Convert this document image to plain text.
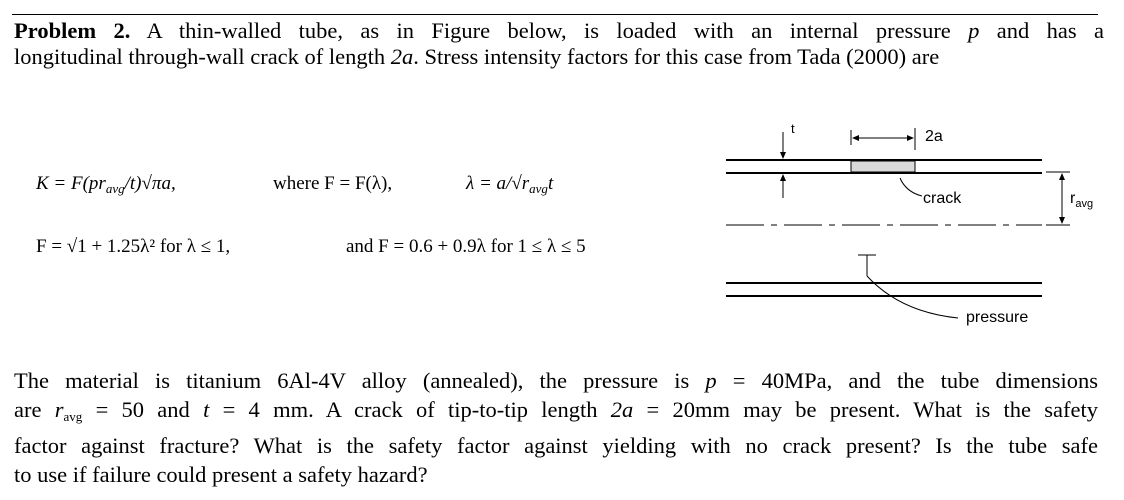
Problem 2. A thin-walled tube, as in Figure below, is loaded with an internal pressure p and has a
longitudinal through-wall crack of length 2a. Stress intensity factors for this case from Tada (2000) are
$K = F(pr_{avg}/t)√\pi a$,	where F = F(λ),	$\lambda = a/√r_{avg}t$
F = √1 + 1.25λ² for λ ≤ 1,	and F = 0.6 + 0.9λ for 1 ≤ λ ≤ 5
t	2a
crack	$r_{avg}$
pressure
The material is titanium 6Al-4V alloy (annealed), the pressure is p = 40MPa, and the tube dimensions
are $r_{avg} = 50$ and t = 4 mm. A crack of tip-to-tip length 2a = 20mm may be present. What is the safety
factor against fracture? What is the safety factor against yielding with no crack present? Is the tube safe
to use if failure could present a safety hazard?
